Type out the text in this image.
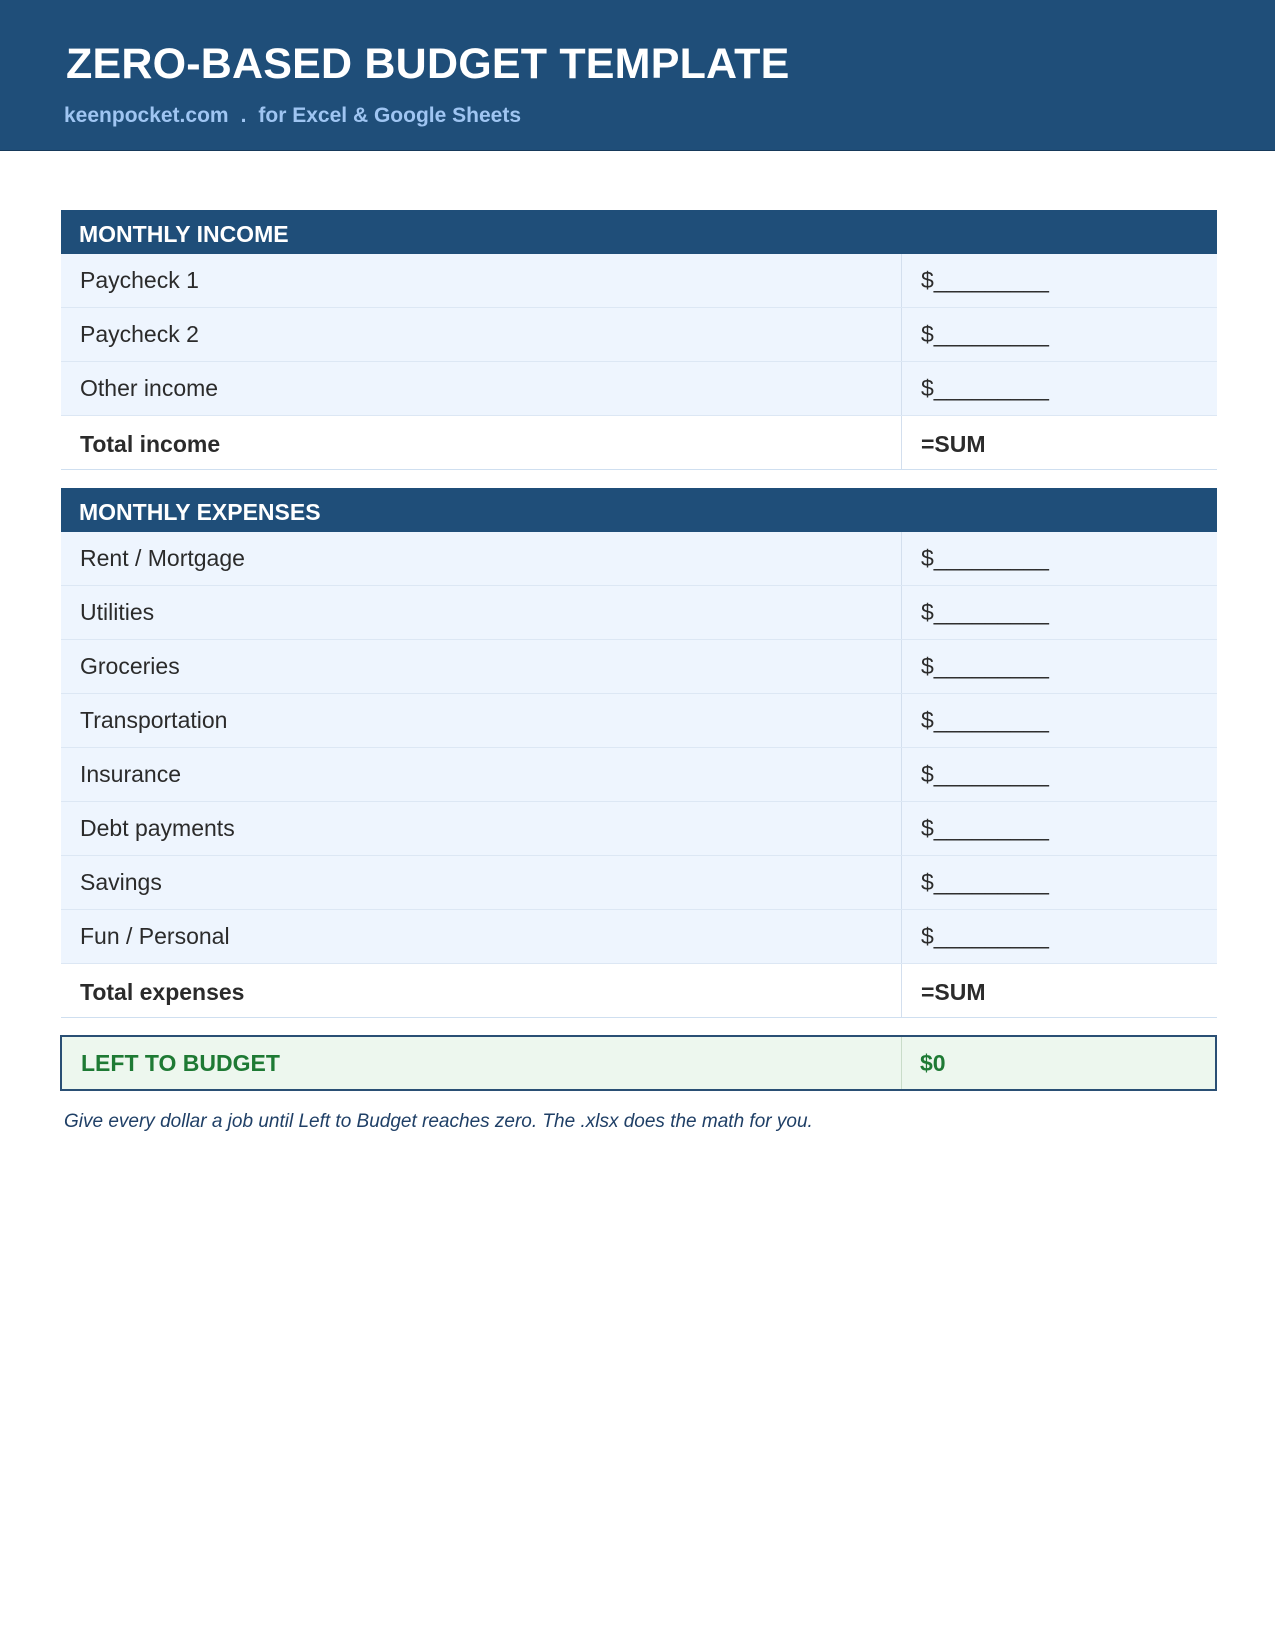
ZERO-BASED BUDGET TEMPLATE
keenpocket.com . for Excel & Google Sheets
MONTHLY INCOME
Paycheck 1	$_________
Paycheck 2	$_________
Other income	$_________
Total income	=SUM
MONTHLY EXPENSES
Rent / Mortgage	$_________
Utilities	$_________
Groceries	$_________
Transportation	$_________
Insurance	$_________
Debt payments	$_________
Savings	$_________
Fun / Personal	$_________
Total expenses	=SUM
LEFT TO BUDGET	$0
Give every dollar a job until Left to Budget reaches zero. The .xlsx does the math for you.
